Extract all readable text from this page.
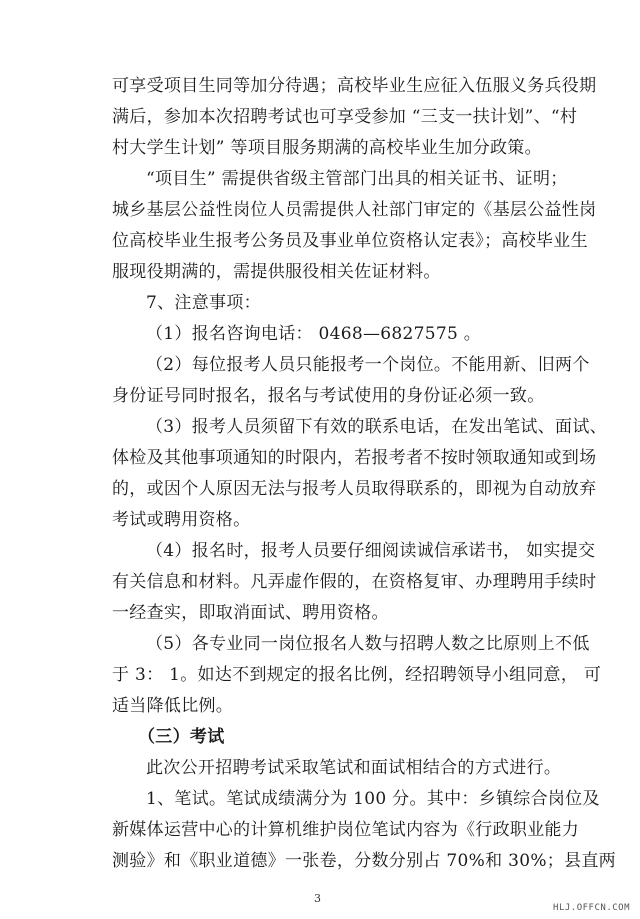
可享受项目生同等加分待遇；高校毕业生应征入伍服义务兵役期
满后，参加本次招聘考试也可享受参加 “三支一扶计划”、“村
村大学生计划” 等项目服务期满的高校毕业生加分政策。
“项目生” 需提供省级主管部门出具的相关证书、证明；
城乡基层公益性岗位人员需提供人社部门审定的《基层公益性岗
位高校毕业生报考公务员及事业单位资格认定表》；高校毕业生
服现役期满的，需提供服役相关佐证材料。
7、注意事项：
（1）报名咨询电话： 0468—6827575 。
（2）每位报考人员只能报考一个岗位。不能用新、旧两个
身份证号同时报名，报名与考试使用的身份证必须一致。
（3）报考人员须留下有效的联系电话，在发出笔试、面试、
体检及其他事项通知的时限内，若报考者不按时领取通知或到场
的，或因个人原因无法与报考人员取得联系的，即视为自动放弃
考试或聘用资格。
（4）报名时，报考人员要仔细阅读诚信承诺书， 如实提交
有关信息和材料。凡弄虚作假的，在资格复审、办理聘用手续时
一经查实，即取消面试、聘用资格。
（5）各专业同一岗位报名人数与招聘人数之比原则上不低
于 3： 1。如达不到规定的报名比例，经招聘领导小组同意， 可
适当降低比例。
（三）考试
此次公开招聘考试采取笔试和面试相结合的方式进行。
1、笔试。笔试成绩满分为 100 分。其中：乡镇综合岗位及
新媒体运营中心的计算机维护岗位笔试内容为《行政职业能力
测验》和《职业道德》一张卷，分数分别占 70%和 30%；县直两
3
HLJ.OFFCN.COM
